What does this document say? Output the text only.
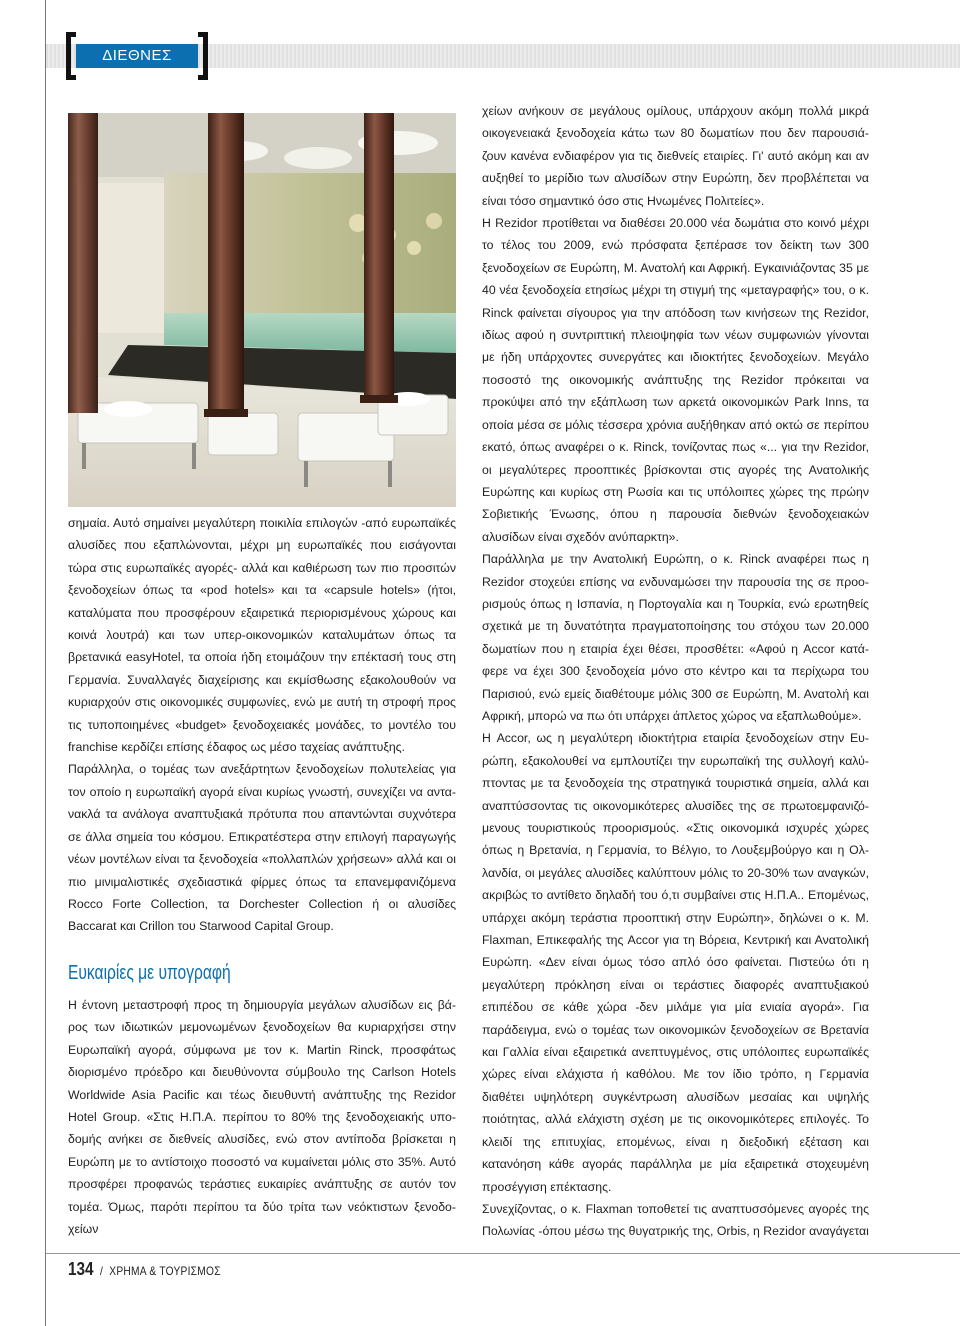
ΔΙΕΘΝΕΣ

σημαία. Αυτό σημαίνει μεγαλύτερη ποικιλία επιλογών -από ευρωπαϊκές αλυσίδες που εξαπλώνονται, μέχρι μη ευρωπαϊκές που εισάγονται τώρα στις ευρωπαϊκές αγορές- αλλά και καθιέρωση των πιο προσιτών ξενοδοχείων όπως τα «pod hotels» και τα «capsule hotels» (ήτοι, καταλύματα που προσφέρουν εξαιρετικά περιορισμένους χώρους και κοινά λουτρά) και των υπερ-οικονομικών καταλυμάτων όπως τα βρετανικά easyHotel, τα οποία ήδη ετοιμάζουν την επέκτασή τους στη Γερμανία. Συναλλαγές διαχείρισης και εκμίσθωσης εξακολουθούν να κυριαρχούν στις οικονομικές συμφωνίες, ενώ με αυτή τη στροφή προς τις τυποποιημένες «budget» ξενοδοχειακές μονάδες, το μοντέλο του franchise κερδίζει επίσης έδαφος ως μέσο ταχείας ανάπτυξης.

Παράλληλα, ο τομέας των ανεξάρτητων ξενοδοχείων πολυτελείας για τον οποίο η ευρωπαϊκή αγορά είναι κυρίως γνωστή, συνεχίζει να αντανακλά τα ανάλογα αναπτυξιακά πρότυπα που απαντώνται συχνότερα σε άλλα σημεία του κόσμου. Επικρατέστερα στην επιλογή παραγωγής νέων μοντέλων είναι τα ξενοδοχεία «πολλαπλών χρήσεων» αλλά και οι πιο μινιμαλιστικές σχεδιαστικά φίρμες όπως τα επανεμφανιζόμενα Rocco Forte Collection, τα Dorchester Collection ή οι αλυσίδες Baccarat και Crillon του Starwood Capital Group.

Ευκαιρίες με υπογραφή

Η έντονη μεταστροφή προς τη δημιουργία μεγάλων αλυσίδων εις βάρος των ιδιωτικών μεμονωμένων ξενοδοχείων θα κυριαρχήσει στην Ευρωπαϊκή αγορά, σύμφωνα με τον κ. Martin Rinck, προσφάτως διορισμένο πρόεδρο και διευθύνοντα σύμβουλο της Carlson Hotels Worldwide Asia Pacific και τέως διευθυντή ανάπτυξης της Rezidor Hotel Group. «Στις Η.Π.Α. περίπου το 80% της ξενοδοχειακής υποδομής ανήκει σε διεθνείς αλυσίδες, ενώ στον αντίποδα βρίσκεται η Ευρώπη με το αντίστοιχο ποσοστό να κυμαίνεται μόλις στο 35%. Αυτό προσφέρει προφανώς τεράστιες ευκαιρίες ανάπτυξης σε αυτόν τον τομέα. Όμως, παρότι περίπου τα δύο τρίτα των νεόκτιστων ξενοδοχείων

χείων ανήκουν σε μεγάλους ομίλους, υπάρχουν ακόμη πολλά μικρά οικογενειακά ξενοδοχεία κάτω των 80 δωματίων που δεν παρουσιάζουν κανένα ενδιαφέρον για τις διεθνείς εταιρίες. Γι' αυτό ακόμη και αν αυξηθεί το μερίδιο των αλυσίδων στην Ευρώπη, δεν προβλέπεται να είναι τόσο σημαντικό όσο στις Ηνωμένες Πολιτείες».

Η Rezidor προτίθεται να διαθέσει 20.000 νέα δωμάτια στο κοινό μέχρι το τέλος του 2009, ενώ πρόσφατα ξεπέρασε τον δείκτη των 300 ξενοδοχείων σε Ευρώπη, Μ. Ανατολή και Αφρική. Εγκαινιάζοντας 35 με 40 νέα ξενοδοχεία ετησίως μέχρι τη στιγμή της «μεταγραφής» του, ο κ. Rinck φαίνεται σίγουρος για την απόδοση των κινήσεων της Rezidor, ιδίως αφού η συντριπτική πλειοψηφία των νέων συμφωνιών γίνονται με ήδη υπάρχοντες συνεργάτες και ιδιοκτήτες ξενοδοχείων. Μεγάλο ποσοστό της οικονομικής ανάπτυξης της Rezidor πρόκειται να προκύψει από την εξάπλωση των αρκετά οικονομικών Park Inns, τα οποία μέσα σε μόλις τέσσερα χρόνια αυξήθηκαν από οκτώ σε περίπου εκατό, όπως αναφέρει ο κ. Rinck, τονίζοντας πως «... για την Rezidor, οι μεγαλύτερες προοπτικές βρίσκονται στις αγορές της Ανατολικής Ευρώπης και κυρίως στη Ρωσία και τις υπόλοιπες χώρες της πρώην Σοβιετικής Ένωσης, όπου η παρουσία διεθνών ξενοδοχειακών αλυσίδων είναι σχεδόν ανύπαρκτη».

Παράλληλα με την Ανατολική Ευρώπη, ο κ. Rinck αναφέρει πως η Rezidor στοχεύει επίσης να ενδυναμώσει την παρουσία της σε προορισμούς όπως η Ισπανία, η Πορτογαλία και η Τουρκία, ενώ ερωτηθείς σχετικά με τη δυνατότητα πραγματοποίησης του στόχου των 20.000 δωματίων που η εταιρία έχει θέσει, προσθέτει: «Αφού η Accor κατάφερε να έχει 300 ξενοδοχεία μόνο στο κέντρο και τα περίχωρα του Παρισιού, ενώ εμείς διαθέτουμε μόλις 300 σε Ευρώπη, Μ. Ανατολή και Αφρική, μπορώ να πω ότι υπάρχει άπλετος χώρος να εξαπλωθούμε».

Η Accor, ως η μεγαλύτερη ιδιοκτήτρια εταιρία ξενοδοχείων στην Ευρώπη, εξακολουθεί να εμπλουτίζει την ευρωπαϊκή της συλλογή καλύπτοντας με τα ξενοδοχεία της στρατηγικά τουριστικά σημεία, αλλά και αναπτύσσοντας τις οικονομικότερες αλυσίδες της σε πρωτοεμφανιζόμενους τουριστικούς προορισμούς. «Στις οικονομικά ισχυρές χώρες όπως η Βρετανία, η Γερμανία, το Βέλγιο, το Λουξεμβούργο και η Ολλανδία, οι μεγάλες αλυσίδες καλύπτουν μόλις το 20-30% των αναγκών, ακριβώς το αντίθετο δηλαδή του ό,τι συμβαίνει στις Η.Π.Α.. Επομένως, υπάρχει ακόμη τεράστια προοπτική στην Ευρώπη», δηλώνει ο κ. Μ. Flaxman, Επικεφαλής της Accor για τη Βόρεια, Κεντρική και Ανατολική Ευρώπη. «Δεν είναι όμως τόσο απλό όσο φαίνεται. Πιστεύω ότι η μεγαλύτερη πρόκληση είναι οι τεράστιες διαφορές αναπτυξιακού επιπέδου σε κάθε χώρα -δεν μιλάμε για μία ενιαία αγορά». Για παράδειγμα, ενώ ο τομέας των οικονομικών ξενοδοχείων σε Βρετανία και Γαλλία είναι εξαιρετικά ανεπτυγμένος, στις υπόλοιπες ευρωπαϊκές χώρες είναι ελάχιστα ή καθόλου. Με τον ίδιο τρόπο, η Γερμανία διαθέτει υψηλότερη συγκέντρωση αλυσίδων μεσαίας και υψηλής ποιότητας, αλλά ελάχιστη σχέση με τις οικονομικότερες επιλογές. Το κλειδί της επιτυχίας, επομένως, είναι η διεξοδική εξέταση και κατανόηση κάθε αγοράς παράλληλα με μία εξαιρετικά στοχευμένη προσέγγιση επέκτασης.

Συνεχίζοντας, ο κ. Flaxman τοποθετεί τις αναπτυσσόμενες αγορές της Πολωνίας -όπου μέσω της θυγατρικής της, Orbis, η Rezidor αναγάγεται

134 / ΧΡΗΜΑ & ΤΟΥΡΙΣΜΟΣ
